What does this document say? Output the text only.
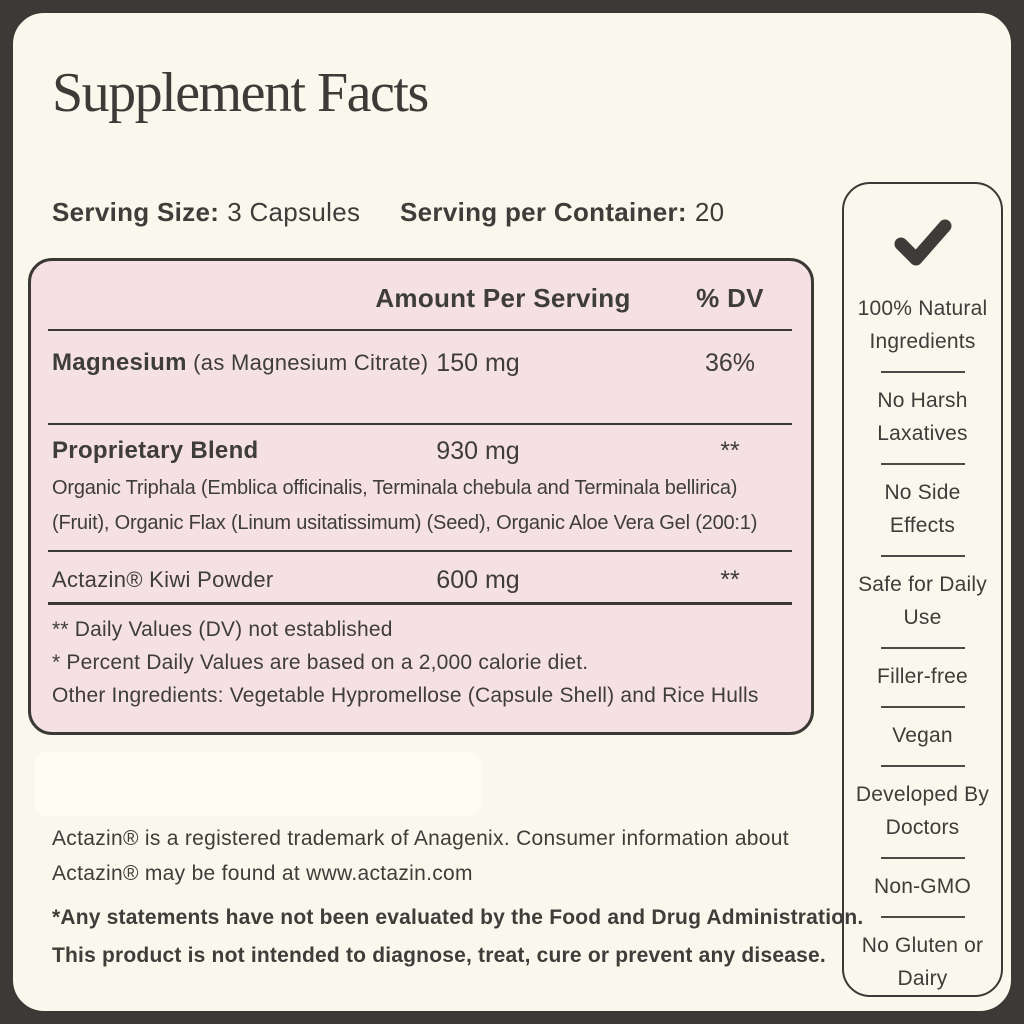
Supplement Facts
Serving Size: 3 Capsules Serving per Container: 20
Amount Per Serving	% DV
Magnesium (as Magnesium Citrate) 150 mg	36%
Proprietary Blend	930 mg	**
Organic Triphala (Emblica officinalis, Terminala chebula and Terminala bellirica)
(Fruit), Organic Flax (Linum usitatissimum) (Seed), Organic Aloe Vera Gel (200:1)
Actazin® Kiwi Powder	600 mg	**
** Daily Values (DV) not established
* Percent Daily Values are based on a 2,000 calorie diet.
Other Ingredients: Vegetable Hypromellose (Capsule Shell) and Rice Hulls
Actazin® is a registered trademark of Anagenix. Consumer information about
Actazin® may be found at www.actazin.com
*Any statements have not been evaluated by the Food and Drug Administration.
This product is not intended to diagnose, treat, cure or prevent any disease.
100% Natural Ingredients
No Harsh Laxatives
No Side Effects
Safe for Daily Use
Filler-free
Vegan
Developed By Doctors
Non-GMO
No Gluten or Dairy
